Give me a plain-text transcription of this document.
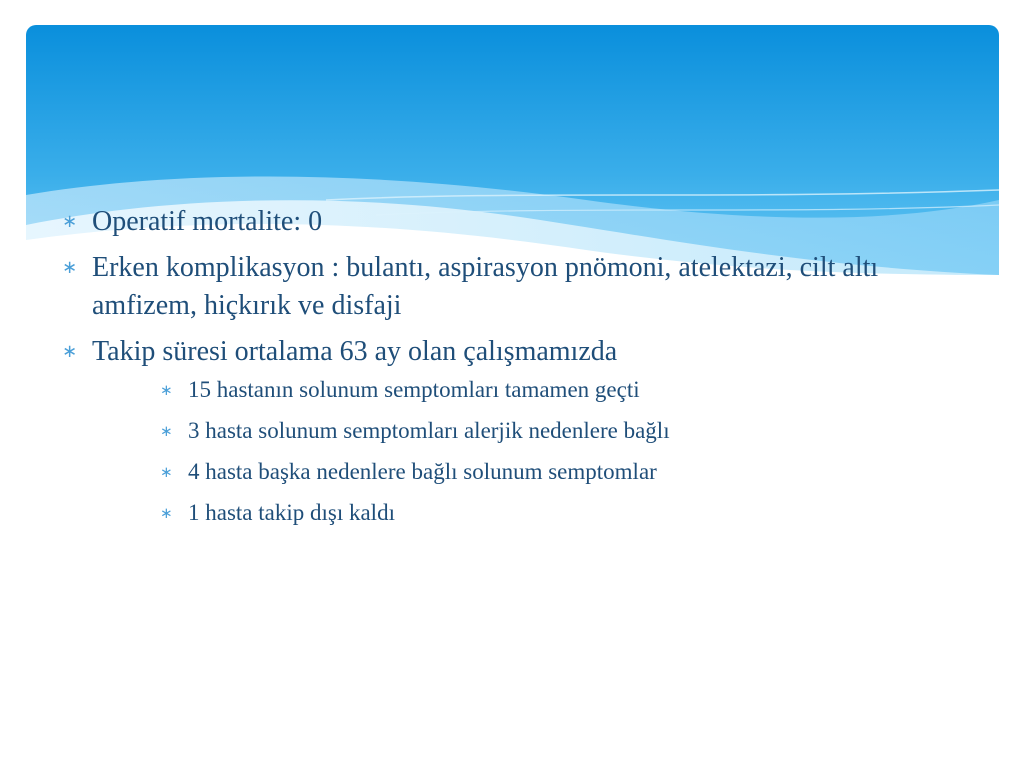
∗ Operatif mortalite: 0
∗ Erken komplikasyon : bulantı, aspirasyon pnömoni, atelektazi, cilt altı amfizem, hiçkırık ve disfaji
∗ Takip süresi ortalama 63 ay olan çalışmamızda
∗ 15 hastanın solunum semptomları tamamen geçti
∗ 3 hasta solunum semptomları alerjik nedenlere bağlı
∗ 4 hasta başka nedenlere bağlı solunum semptomlar
∗ 1 hasta takip dışı kaldı
